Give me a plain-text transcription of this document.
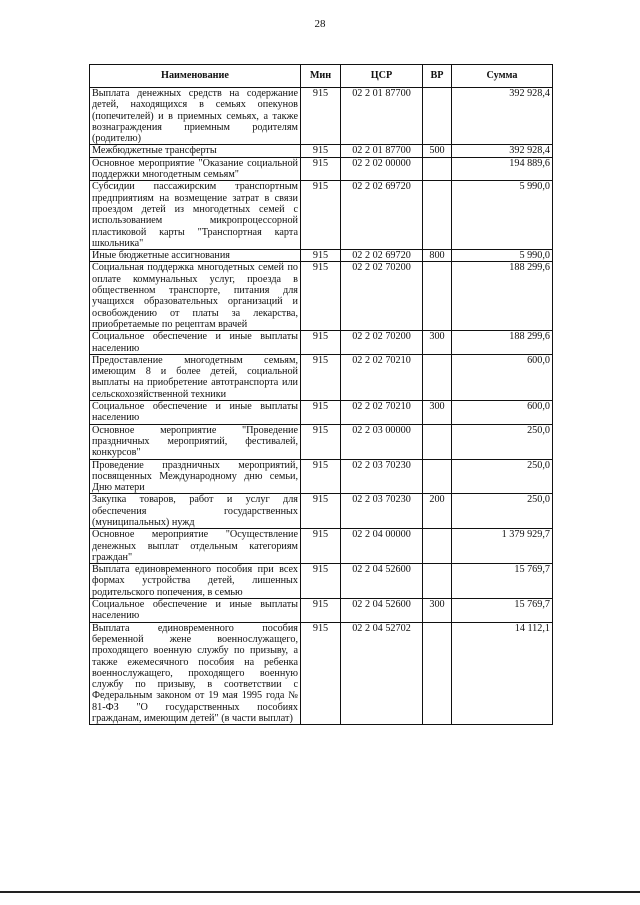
28
Наименование	Мин	ЦСР	ВР	Сумма
Выплата денежных средств на содержание детей, находящихся в семьях опекунов (попечителей) и в приемных семьях, а также вознаграждения приемным родителям (родителю)	915	02 2 01 87700		392 928,4
Межбюджетные трансферты	915	02 2 01 87700	500	392 928,4
Основное мероприятие "Оказание социальной поддержки многодетным семьям"	915	02 2 02 00000		194 889,6
Субсидии пассажирским транспортным предприятиям на возмещение затрат в связи проездом детей из многодетных семей с использованием микропроцессорной пластиковой карты "Транспортная карта школьника"	915	02 2 02 69720		5 990,0
Иные бюджетные ассигнования	915	02 2 02 69720	800	5 990,0
Социальная поддержка многодетных семей по оплате коммунальных услуг, проезда в общественном транспорте, питания для учащихся образовательных организаций и освобождению от платы за лекарства, приобретаемые по рецептам врачей	915	02 2 02 70200		188 299,6
Социальное обеспечение и иные выплаты населению	915	02 2 02 70200	300	188 299,6
Предоставление многодетным семьям, имеющим 8 и более детей, социальной выплаты на приобретение автотранспорта или сельскохозяйственной техники	915	02 2 02 70210		600,0
Социальное обеспечение и иные выплаты населению	915	02 2 02 70210	300	600,0
Основное мероприятие "Проведение праздничных мероприятий, фестивалей, конкурсов"	915	02 2 03 00000		250,0
Проведение праздничных мероприятий, посвященных Международному дню семьи, Дню матери	915	02 2 03 70230		250,0
Закупка товаров, работ и услуг для обеспечения государственных (муниципальных) нужд	915	02 2 03 70230	200	250,0
Основное мероприятие "Осуществление денежных выплат отдельным категориям граждан"	915	02 2 04 00000		1 379 929,7
Выплата единовременного пособия при всех формах устройства детей, лишенных родительского попечения, в семью	915	02 2 04 52600		15 769,7
Социальное обеспечение и иные выплаты населению	915	02 2 04 52600	300	15 769,7
Выплата единовременного пособия беременной жене военнослужащего, проходящего военную службу по призыву, а также ежемесячного пособия на ребенка военнослужащего, проходящего военную службу по призыву, в соответствии с Федеральным законом от 19 мая 1995 года № 81-ФЗ "О государственных пособиях гражданам, имеющим детей" (в части выплат)	915	02 2 04 52702		14 112,1
